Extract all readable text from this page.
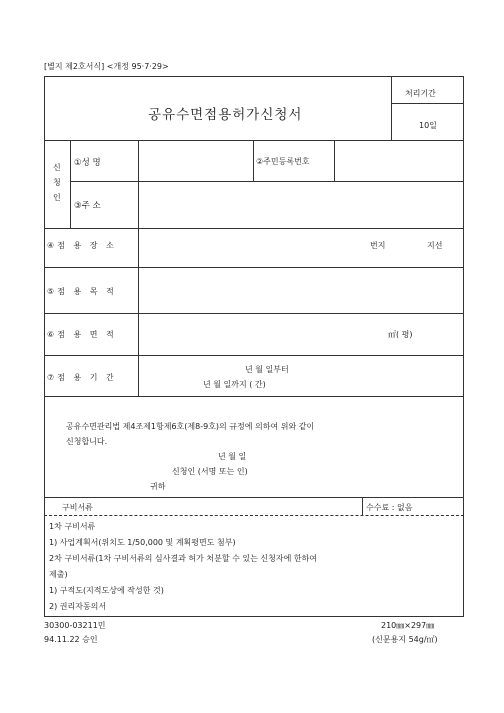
[별지 제2호서식] <개정 95·7·29>
공유수면점용허가신청서
처리기간
10일
신
청
인
①성 명	②주민등록번호
③주 소
④점 용 장 소	번지	지선
⑤점 용 목 적
⑥점 용 면 적	㎡( 평)
⑦점 용 기 간
년 월 일부터
년 월 일까지 ( 간)
공유수면관리법 제4조제1항제6호(제8-9호)의 규정에 의하여 위와 같이
신청합니다.
년 월 일
신청인 (서명 또는 인)
귀하
구비서류	수수료 : 없음
1차 구비서류
1) 사업계획서(위치도 1/50,000 및 계획평면도 첨부)
2차 구비서류(1차 구비서류의 심사결과 허가 처분할 수 있는 신청자에 한하여
제출)
1) 구적도(지적도상에 작성한 것)
2) 권리자동의서
30300-03211민
94.11.22 승인
210㎜×297㎜
(신문용지 54g/㎡)
